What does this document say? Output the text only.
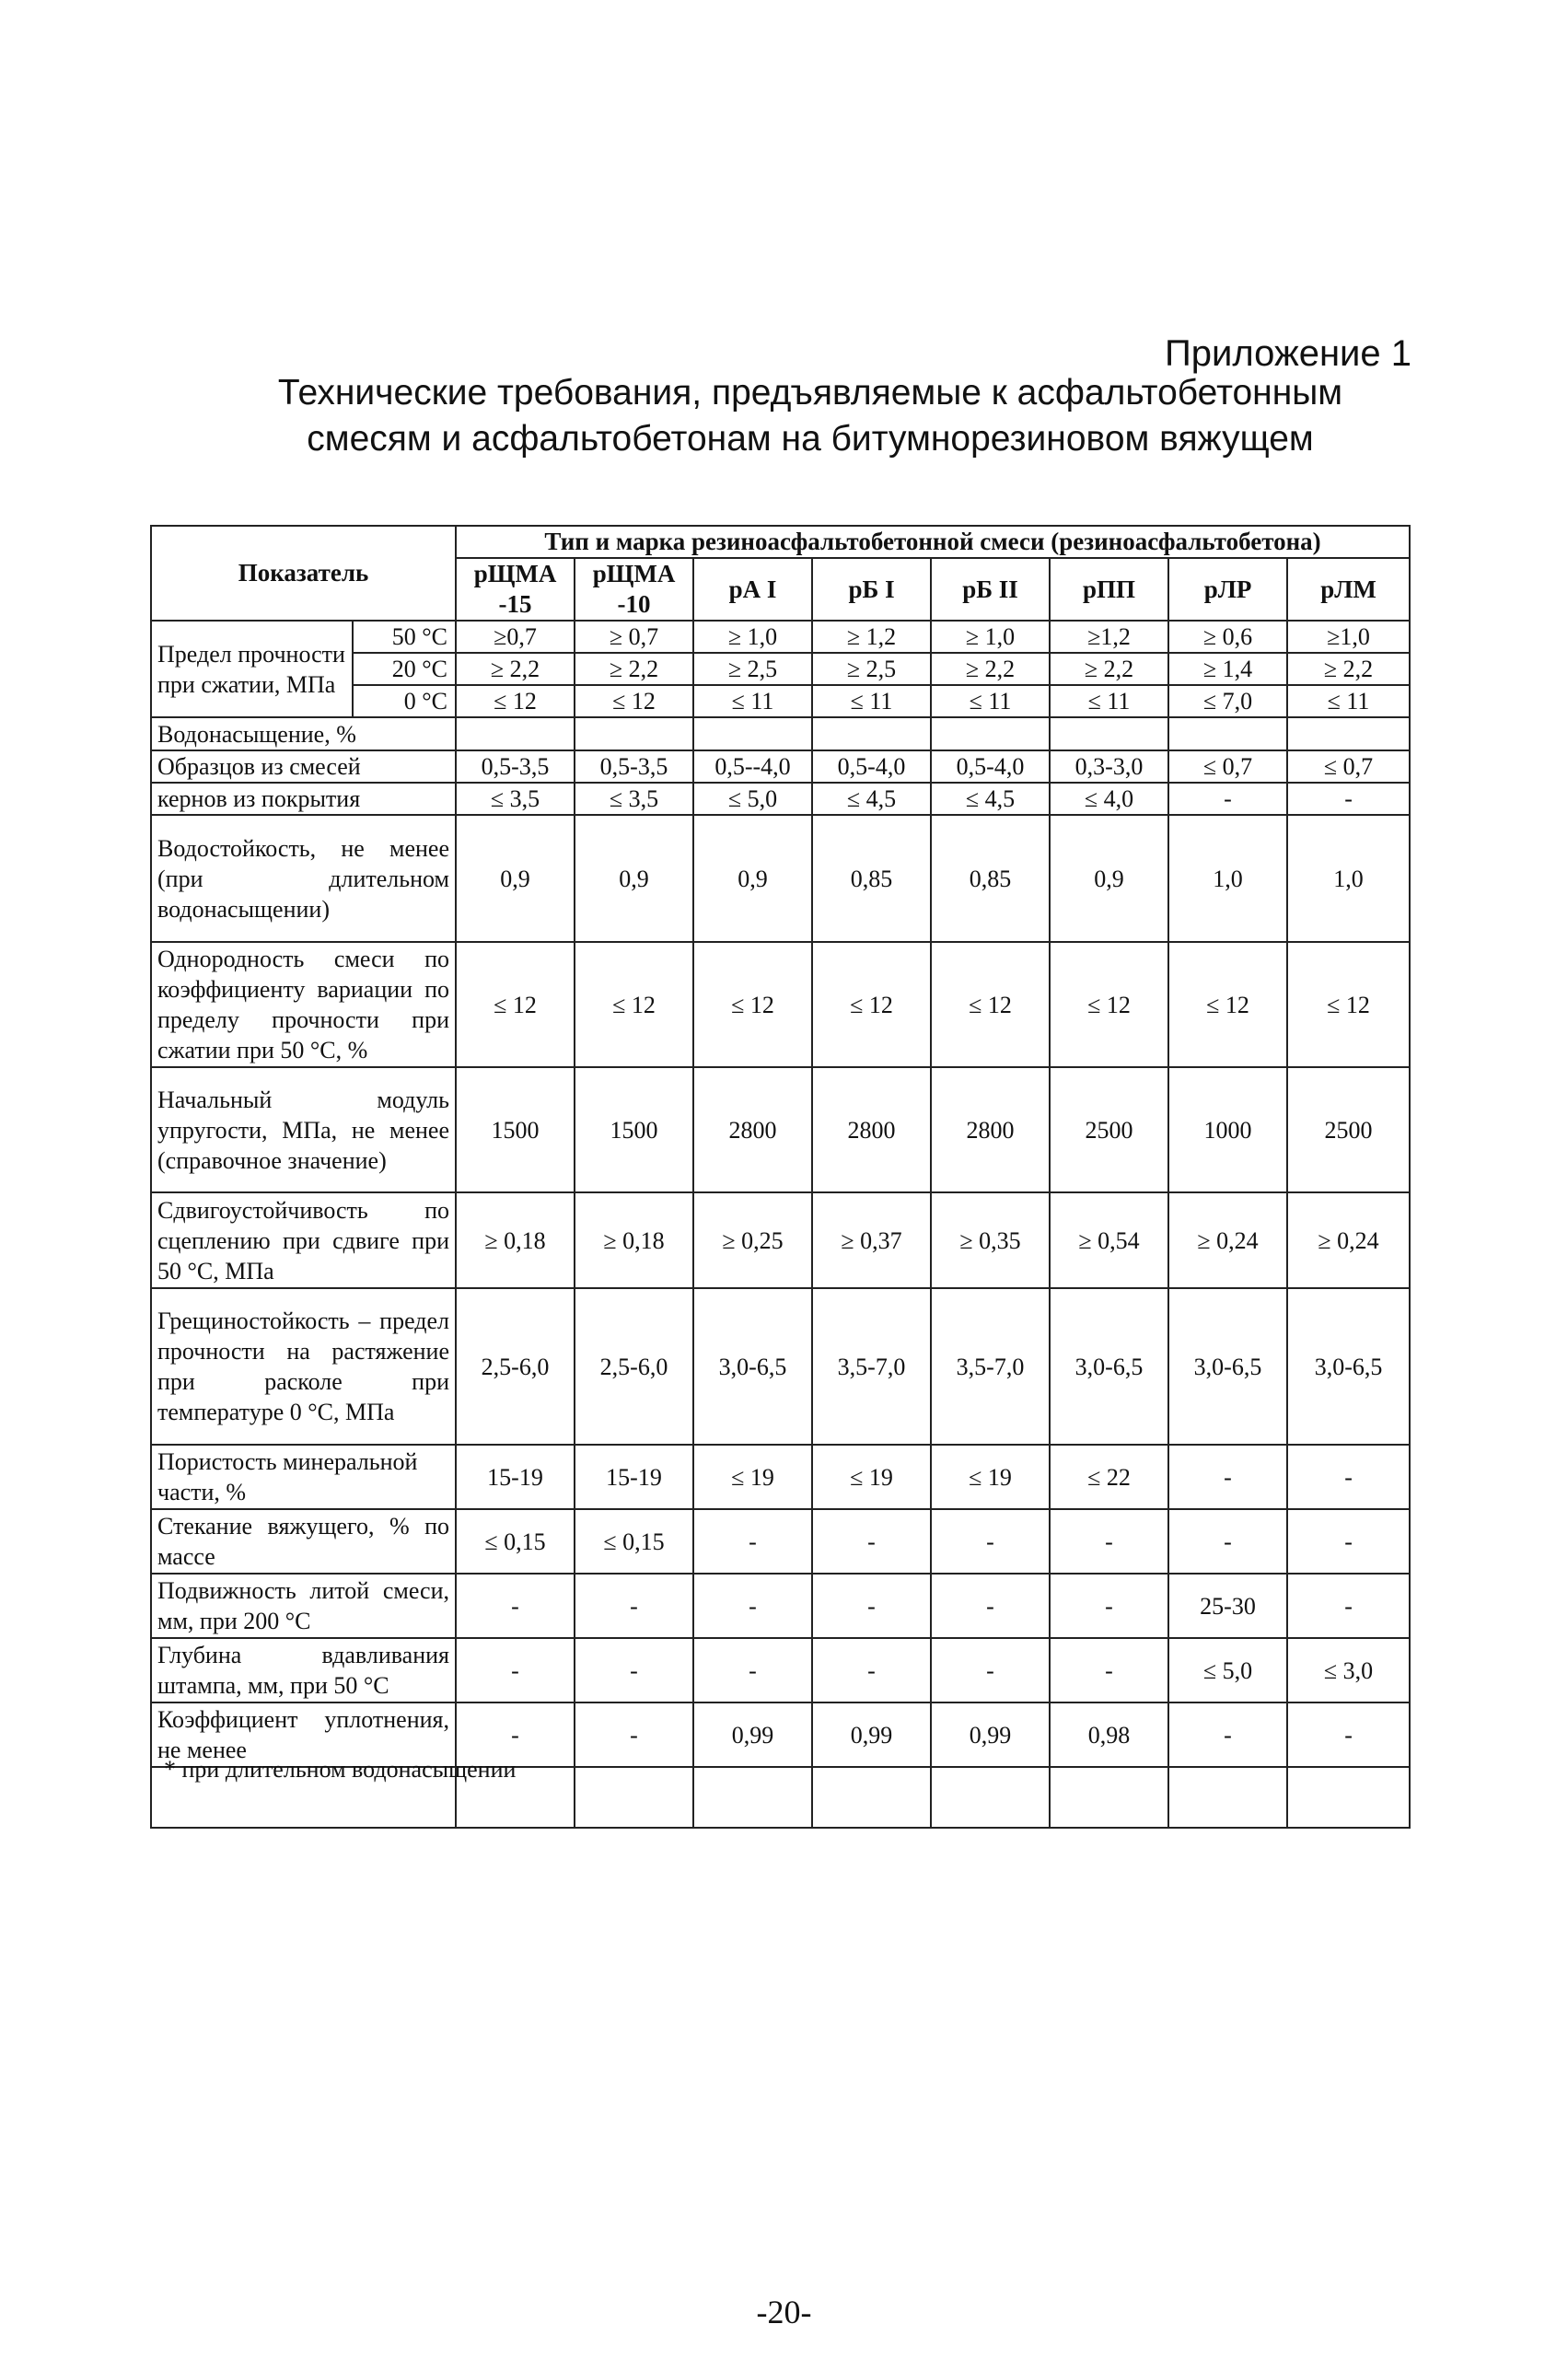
Приложение 1
Технические требования, предъявляемые к асфальтобетонным
смесям и асфальтобетонам на битумнорезиновом вяжущем
Показатель		Тип и марка резиноасфальтобетонной смеси (резиноасфальтобетона)							
		рЩМА -15	рЩМА -10	рА I	рБ I	рБ II	рПП	рЛР	рЛМ
Предел прочности при сжатии, МПа	50 °С	≥0,7	≥ 0,7	≥ 1,0	≥ 1,2	≥ 1,0	≥1,2	≥ 0,6	≥1,0
	20 °С	≥ 2,2	≥ 2,2	≥ 2,5	≥ 2,5	≥ 2,2	≥ 2,2	≥ 1,4	≥ 2,2
	0 °С	≤ 12	≤ 12	≤ 11	≤ 11	≤ 11	≤ 11	≤ 7,0	≤ 11
Водонасыщение, %									
Образцов из смесей		0,5-3,5	0,5-3,5	0,5--4,0	0,5-4,0	0,5-4,0	0,3-3,0	≤ 0,7	≤ 0,7
кернов из покрытия		≤ 3,5	≤ 3,5	≤ 5,0	≤ 4,5	≤ 4,5	≤ 4,0	-	-
Водостойкость, не менее (при длительном водонасыщении)		0,9	0,9	0,9	0,85	0,85	0,9	1,0	1,0
Однородность смеси по коэффициенту вариации по пределу прочности при сжатии при 50 °С, %		≤ 12	≤ 12	≤ 12	≤ 12	≤ 12	≤ 12	≤ 12	≤ 12
Начальный модуль упругости, МПа, не менее (справочное значение)		1500	1500	2800	2800	2800	2500	1000	2500
Сдвигоустойчивость по сцеплению при сдвиге при 50 °С, МПа		≥ 0,18	≥ 0,18	≥ 0,25	≥ 0,37	≥ 0,35	≥ 0,54	≥ 0,24	≥ 0,24
Грещиностойкость – предел прочности на растяжение при расколе при температуре 0 °С, МПа		2,5-6,0	2,5-6,0	3,0-6,5	3,5-7,0	3,5-7,0	3,0-6,5	3,0-6,5	3,0-6,5
Пористость минеральной части, %		15-19	15-19	≤ 19	≤ 19	≤ 19	≤ 22	-	-
Стекание вяжущего, % по массе		≤ 0,15	≤ 0,15	-	-	-	-	-	-
Подвижность литой смеси, мм, при 200 °С		-	-	-	-	-	-	25-30	-
Глубина вдавливания штампа, мм, при 50 °С		-	-	-	-	-	-	≤ 5,0	≤ 3,0
Коэффициент уплотнения, не менее		-	-	0,99	0,99	0,99	0,98	-	-

* при длительном водонасыщении
-20-
